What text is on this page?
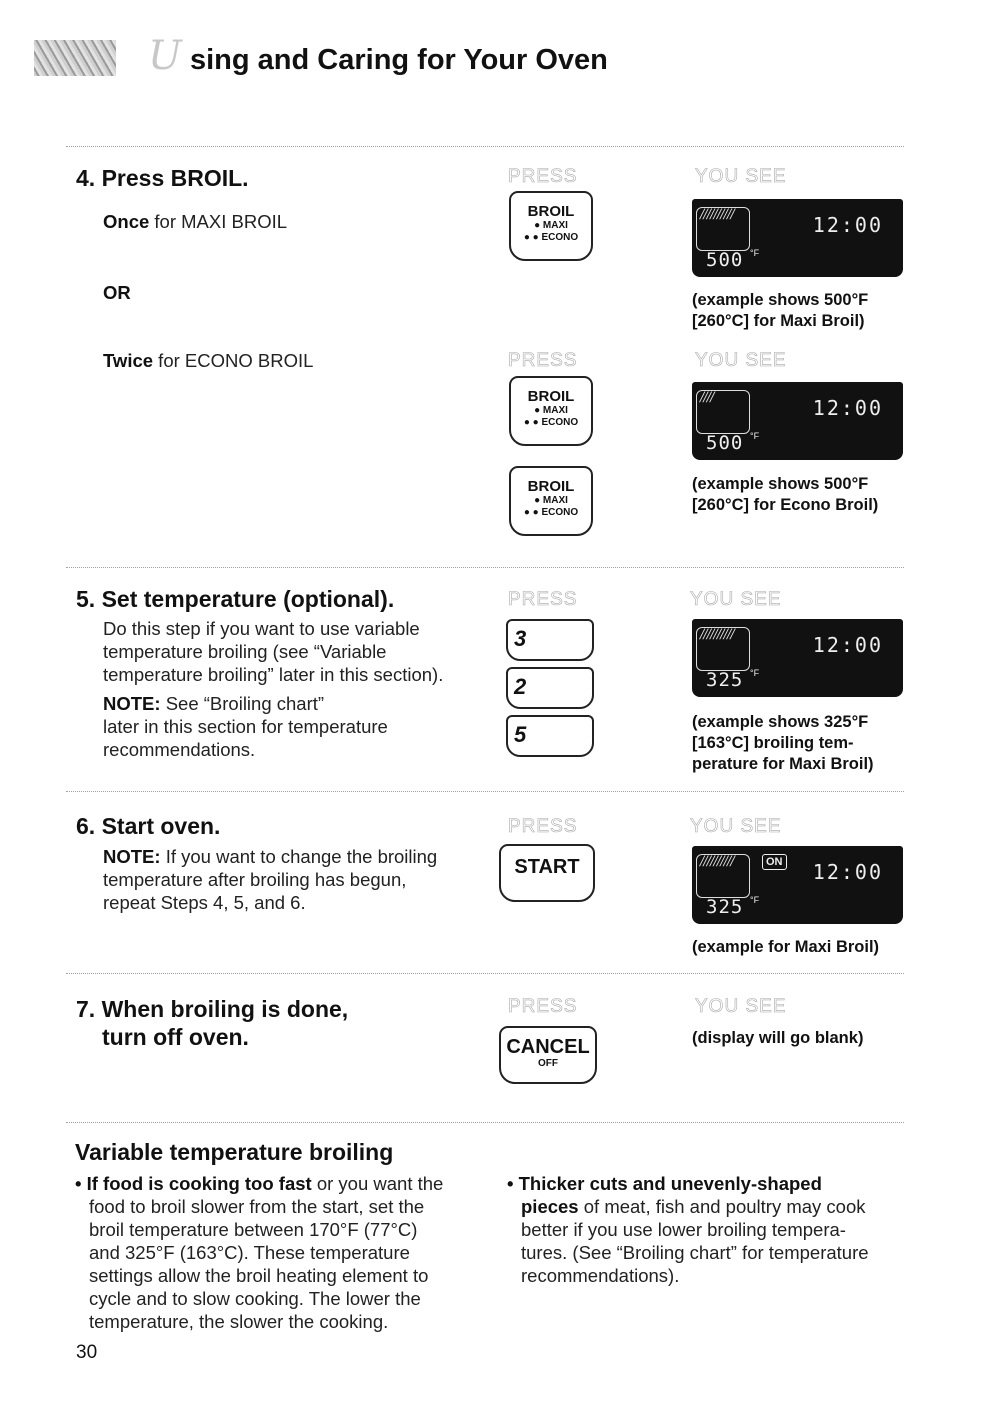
U sing and Caring for Your Oven
4. Press BROIL.
Once for MAXI BROIL
OR
Twice for ECONO BROIL
PRESS	YOU SEE
BROIL
● MAXI
● ● ECONO
//////////	12:00
500 °F
(example shows 500°F
[260°C] for Maxi Broil)
PRESS	YOU SEE
BROIL
● MAXI
● ● ECONO
BROIL
● MAXI
● ● ECONO
////	12:00
500 °F
(example shows 500°F
[260°C] for Econo Broil)
5. Set temperature (optional).
Do this step if you want to use variable
temperature broiling (see “Variable
temperature broiling” later in this section).
NOTE: See “Broiling chart”
later in this section for temperature
recommendations.
PRESS	YOU SEE
3
2
5
//////////	12:00
325 °F
(example shows 325°F
[163°C] broiling tem-
perature for Maxi Broil)
6. Start oven.
NOTE: If you want to change the broiling
temperature after broiling has begun,
repeat Steps 4, 5, and 6.
PRESS	YOU SEE
START	//////////	ON 12:00
325 °F
(example for Maxi Broil)
7. When broiling is done,
turn off oven.
PRESS	YOU SEE
CANCEL
OFF
(display will go blank)
Variable temperature broiling
• If food is cooking too fast or you want the
food to broil slower from the start, set the
broil temperature between 170°F (77°C)
and 325°F (163°C). These temperature
settings allow the broil heating element to
cycle and to slow cooking. The lower the
temperature, the slower the cooking.
• Thicker cuts and unevenly-shaped
pieces of meat, fish and poultry may cook
better if you use lower broiling tempera-
tures. (See “Broiling chart” for temperature
recommendations).
30
